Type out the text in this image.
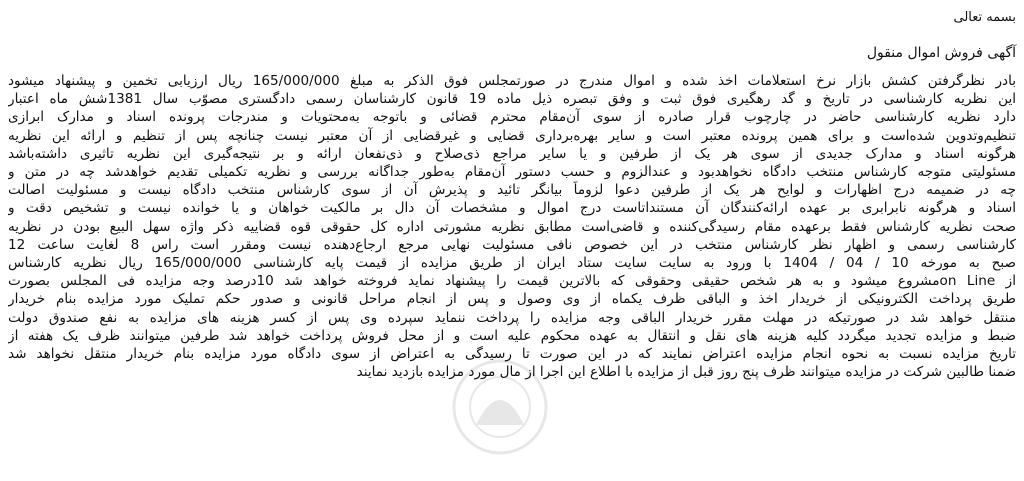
بسمه تعالی
آگهی فروش اموال منقول
بادر نظرگرفتن کشش بازار نرخ استعلامات اخذ شده و اموال مندرج در صورتمجلس فوق الذکر به مبلغ 165/000/000 ریال ارزیابی تخمین و پیشنهاد میشود
این نظریه کارشناسی در تاریخ و گد رهگیری فوق ثبت و وفق تبصره ذیل ماده 19 قانون کارشناسان رسمی دادگستری مصوّب سال 1381شش ماه اعتبار
دارد نظریه کارشناسی حاضر در چارچوب قرار صادره از سوی آن‌مقام محترم قضائی و باتوجه به‌محتویات و مندرجات پرونده اسناد و مدارک ابرازی
تنظیم‌وتدوین شده‌است و برای همین پرونده معتبر است و سایر بهره‌برداری قضایی و غیرقضایی از آن معتبر نیست چنانچه پس از تنظیم و ارائه این نظریه
هرگونه اسناد و مدارک جدیدی از سوی هر یک از طرفین و یا سایر مراجع ذی‌صلاح و ذی‌نفعان ارائه و بر نتیجه‌گیری این نظریه تاثیری داشته‌باشد
مسئولیتی متوجه کارشناس منتخب دادگاه نخواهدبود و عندالزوم و حسب دستور آن‌مقام به‌طور جداگانه بررسی و نظریه تکمیلی تقدیم خواهدشد چه در متن و
چه در ضمیمه درج اظهارات و لوایح هر یک از طرفین دعوا لزوماً بیانگر تائید و پذیرش آن از سوی کارشناس منتخب دادگاه نیست و مسئولیت اصالت
اسناد و هرگونه نابرابری بر عهده ارائه‌کنندگان آن مستنداتاست درج اموال و مشخصات آن دال بر مالکیت خواهان و یا خوانده نیست و تشخیص دقت و
صحت نظریه کارشناس فقط برعهده مقام رسیدگی‌کننده و قاضی‌است مطابق نظریه مشورتی اداره کل حقوقی قوه قضاییه ذکر واژه سهل البیع بودن در نظریه
کارشناسی رسمی و اظهار نظر کارشناس منتخب در این خصوص نافی مسئولیت نهایی مرجع ارجاع‌دهنده نیست ومقرر است راس 8 لغایت ساعت 12
صبح به مورخه 10 / 04 / 1404 با ورود به سایت سایت ستاد ایران از طریق مزایده از قیمت پایه کارشناسی 165/000/000 ریال نظریه کارشناس
از on Lineمشروع میشود و به هر شخص حقیقی وحقوقی که بالاترین قیمت را پیشنهاد نماید فروخته خواهد شد 10درصد وجه مزایده فی المجلس بصورت
طریق پرداخت الکترونیکی از خریدار اخذ و الباقی ظرف یکماه از وی وصول و پس از انجام مراحل قانونی و صدور حکم تملیک مورد مزایده بنام خریدار
منتقل خواهد شد در صورتیکه در مهلت مقرر خریدار الباقی وجه مزایده را پرداخت ننماید سپرده وی پس از کسر هزینه های مزایده به نفع صندوق دولت
ضبط و مزایده تجدید میگردد کلیه هزینه های نقل و انتقال به عهده محکوم علیه است و از محل فروش پرداخت خواهد شد طرفین میتوانند ظرف یک هفته از
تاریخ مزایده نسبت به نحوه انجام مزایده اعتراض نمایند که در این صورت تا رسیدگی به اعتراض از سوی دادگاه مورد مزایده بنام خریدار منتقل نخواهد شد
ضمنا طالبین شرکت در مزایده میتوانند ظرف پنج روز قبل از مزایده با اطلاع این اجرا از مال مورد مزایده بازدید نمایند
